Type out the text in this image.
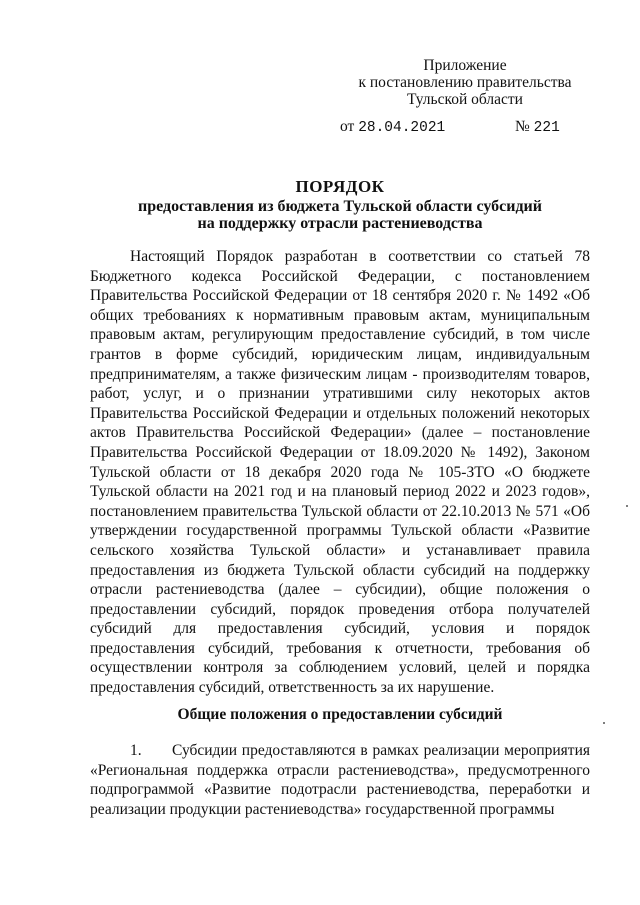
Приложение
к постановлению правительства
Тульской области
от 28.04.2021	№ 221
ПОРЯДОК
предоставления из бюджета Тульской области субсидий
на поддержку отрасли растениеводства
Настоящий Порядок разработан в соответствии со статьей 78 Бюджетного кодекса Российской Федерации, с постановлением Правительства Российской Федерации от 18 сентября 2020 г. № 1492 «Об общих требованиях к нормативным правовым актам, муниципальным правовым актам, регулирующим предоставление субсидий, в том числе грантов в форме субсидий, юридическим лицам, индивидуальным предпринимателям, а также физическим лицам - производителям товаров, работ, услуг, и о признании утратившими силу некоторых актов Правительства Российской Федерации и отдельных положений некоторых актов Правительства Российской Федерации» (далее – постановление Правительства Российской Федерации от 18.09.2020 № 1492), Законом Тульской области от 18 декабря 2020 года № 105-ЗТО «О бюджете Тульской области на 2021 год и на плановый период 2022 и 2023 годов», постановлением правительства Тульской области от 22.10.2013 № 571 «Об утверждении государственной программы Тульской области «Развитие сельского хозяйства Тульской области» и устанавливает правила предоставления из бюджета Тульской области субсидий на поддержку отрасли растениеводства (далее – субсидии), общие положения о предоставлении субсидий, порядок проведения отбора получателей субсидий для предоставления субсидий, условия и порядок предоставления субсидий, требования к отчетности, требования об осуществлении контроля за соблюдением условий, целей и порядка предоставления субсидий, ответственность за их нарушение.
Общие положения о предоставлении субсидий
1. Субсидии предоставляются в рамках реализации мероприятия «Региональная поддержка отрасли растениеводства», предусмотренного подпрограммой «Развитие подотрасли растениеводства, переработки и реализации продукции растениеводства» государственной программы
